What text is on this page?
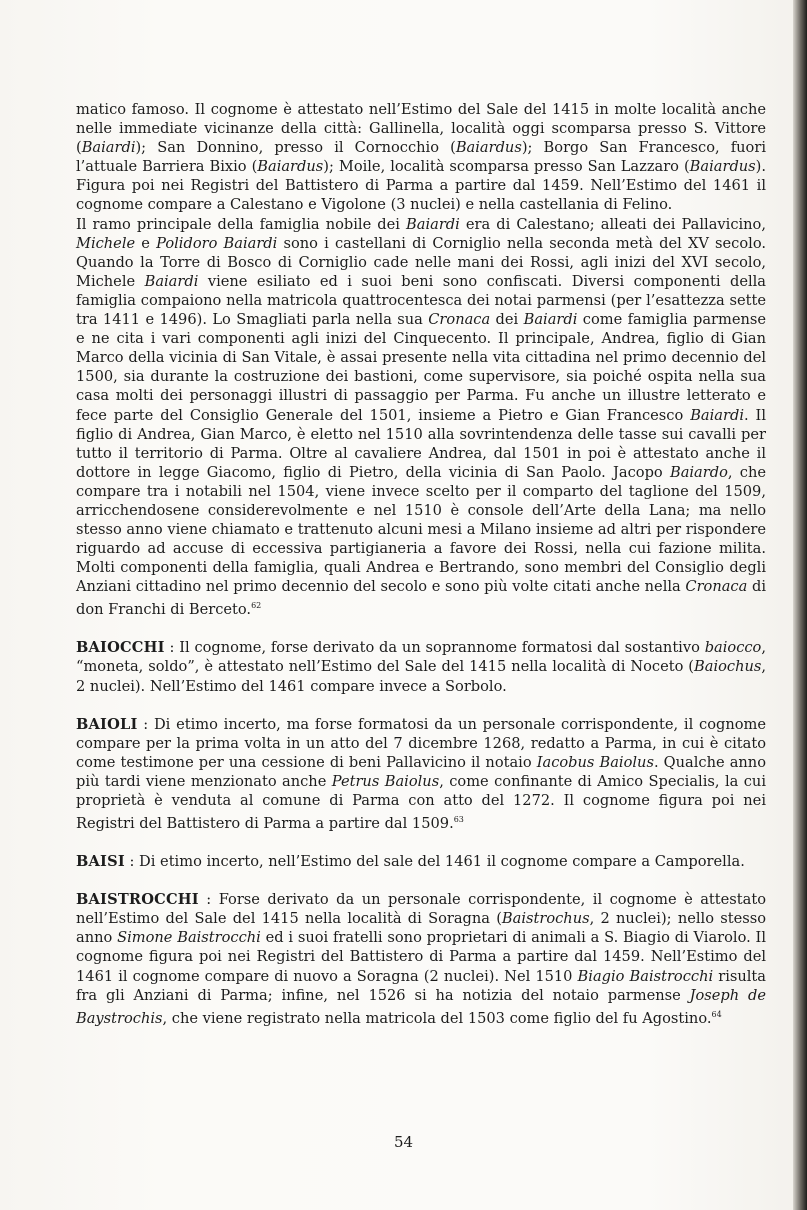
matico famoso. Il cognome è attestato nell’Estimo del Sale del 1415 in molte località anche nelle immediate vicinanze della città: Gallinella, località oggi scomparsa presso S. Vittore (Baiardi); San Donnino, presso il Cornocchio (Baiardus); Borgo San Francesco, fuori l’attuale Barriera Bixio (Baiardus); Moile, località scomparsa presso San Lazzaro (Baiardus). Figura poi nei Registri del Battistero di Parma a partire dal 1459. Nell’Estimo del 1461 il cognome compare a Calestano e Vigolone (3 nuclei) e nella castellania di Felino.

Il ramo principale della famiglia nobile dei Baiardi era di Calestano; alleati dei Pallavicino, Michele e Polidoro Baiardi sono i castellani di Corniglio nella seconda metà del XV secolo. Quando la Torre di Bosco di Corniglio cade nelle mani dei Rossi, agli inizi del XVI secolo, Michele Baiardi viene esiliato ed i suoi beni sono confiscati. Diversi componenti della famiglia compaiono nella matricola quattrocentesca dei notai parmensi (per l’esattezza sette tra 1411 e 1496). Lo Smagliati parla nella sua Cronaca dei Baiardi come famiglia parmense e ne cita i vari componenti agli inizi del Cinquecento. Il principale, Andrea, figlio di Gian Marco della vicinia di San Vitale, è assai presente nella vita cittadina nel primo decennio del 1500, sia durante la costruzione dei bastioni, come supervisore, sia poiché ospita nella sua casa molti dei personaggi illustri di passaggio per Parma. Fu anche un illustre letterato e fece parte del Consiglio Generale del 1501, insieme a Pietro e Gian Francesco Baiardi. Il figlio di Andrea, Gian Marco, è eletto nel 1510 alla sovrintendenza delle tasse sui cavalli per tutto il territorio di Parma. Oltre al cavaliere Andrea, dal 1501 in poi è attestato anche il dottore in legge Giacomo, figlio di Pietro, della vicinia di San Paolo. Jacopo Baiardo, che compare tra i notabili nel 1504, viene invece scelto per il comparto del taglione del 1509, arricchendosene considerevolmente e nel 1510 è console dell’Arte della Lana; ma nello stesso anno viene chiamato e trattenuto alcuni mesi a Milano insieme ad altri per rispondere riguardo ad accuse di eccessiva partigianeria a favore dei Rossi, nella cui fazione milita. Molti componenti della famiglia, quali Andrea e Bertrando, sono membri del Consiglio degli Anziani cittadino nel primo decennio del secolo e sono più volte citati anche nella Cronaca di don Franchi di Berceto.$^{62}$

BAIOCCHI : Il cognome, forse derivato da un soprannome formatosi dal sostantivo baiocco, “moneta, soldo”, è attestato nell’Estimo del Sale del 1415 nella località di Noceto (Baiochus, 2 nuclei). Nell’Estimo del 1461 compare invece a Sorbolo.

BAIOLI : Di etimo incerto, ma forse formatosi da un personale corrispondente, il cognome compare per la prima volta in un atto del 7 dicembre 1268, redatto a Parma, in cui è citato come testimone per una cessione di beni Pallavicino il notaio Iacobus Baiolus. Qualche anno più tardi viene menzionato anche Petrus Baiolus, come confinante di Amico Specialis, la cui proprietà è venduta al comune di Parma con atto del 1272. Il cognome figura poi nei Registri del Battistero di Parma a partire dal 1509.63

BAISI : Di etimo incerto, nell’Estimo del sale del 1461 il cognome compare a Camporella.

BAISTROCCHI : Forse derivato da un personale corrispondente, il cognome è attestato nell’Estimo del Sale del 1415 nella località di Soragna (Baistrochus, 2 nuclei); nello stesso anno Simone Baistrocchi ed i suoi fratelli sono proprietari di animali a S. Biagio di Viarolo. Il cognome figura poi nei Registri del Battistero di Parma a partire dal 1459. Nell’Estimo del 1461 il cognome compare di nuovo a Soragna (2 nuclei). Nel 1510 Biagio Baistrocchi risulta fra gli Anziani di Parma; infine, nel 1526 si ha notizia del notaio parmense Joseph de Baystrochis, che viene registrato nella matricola del 1503 come figlio del fu Agostino.$^{64}$

54
